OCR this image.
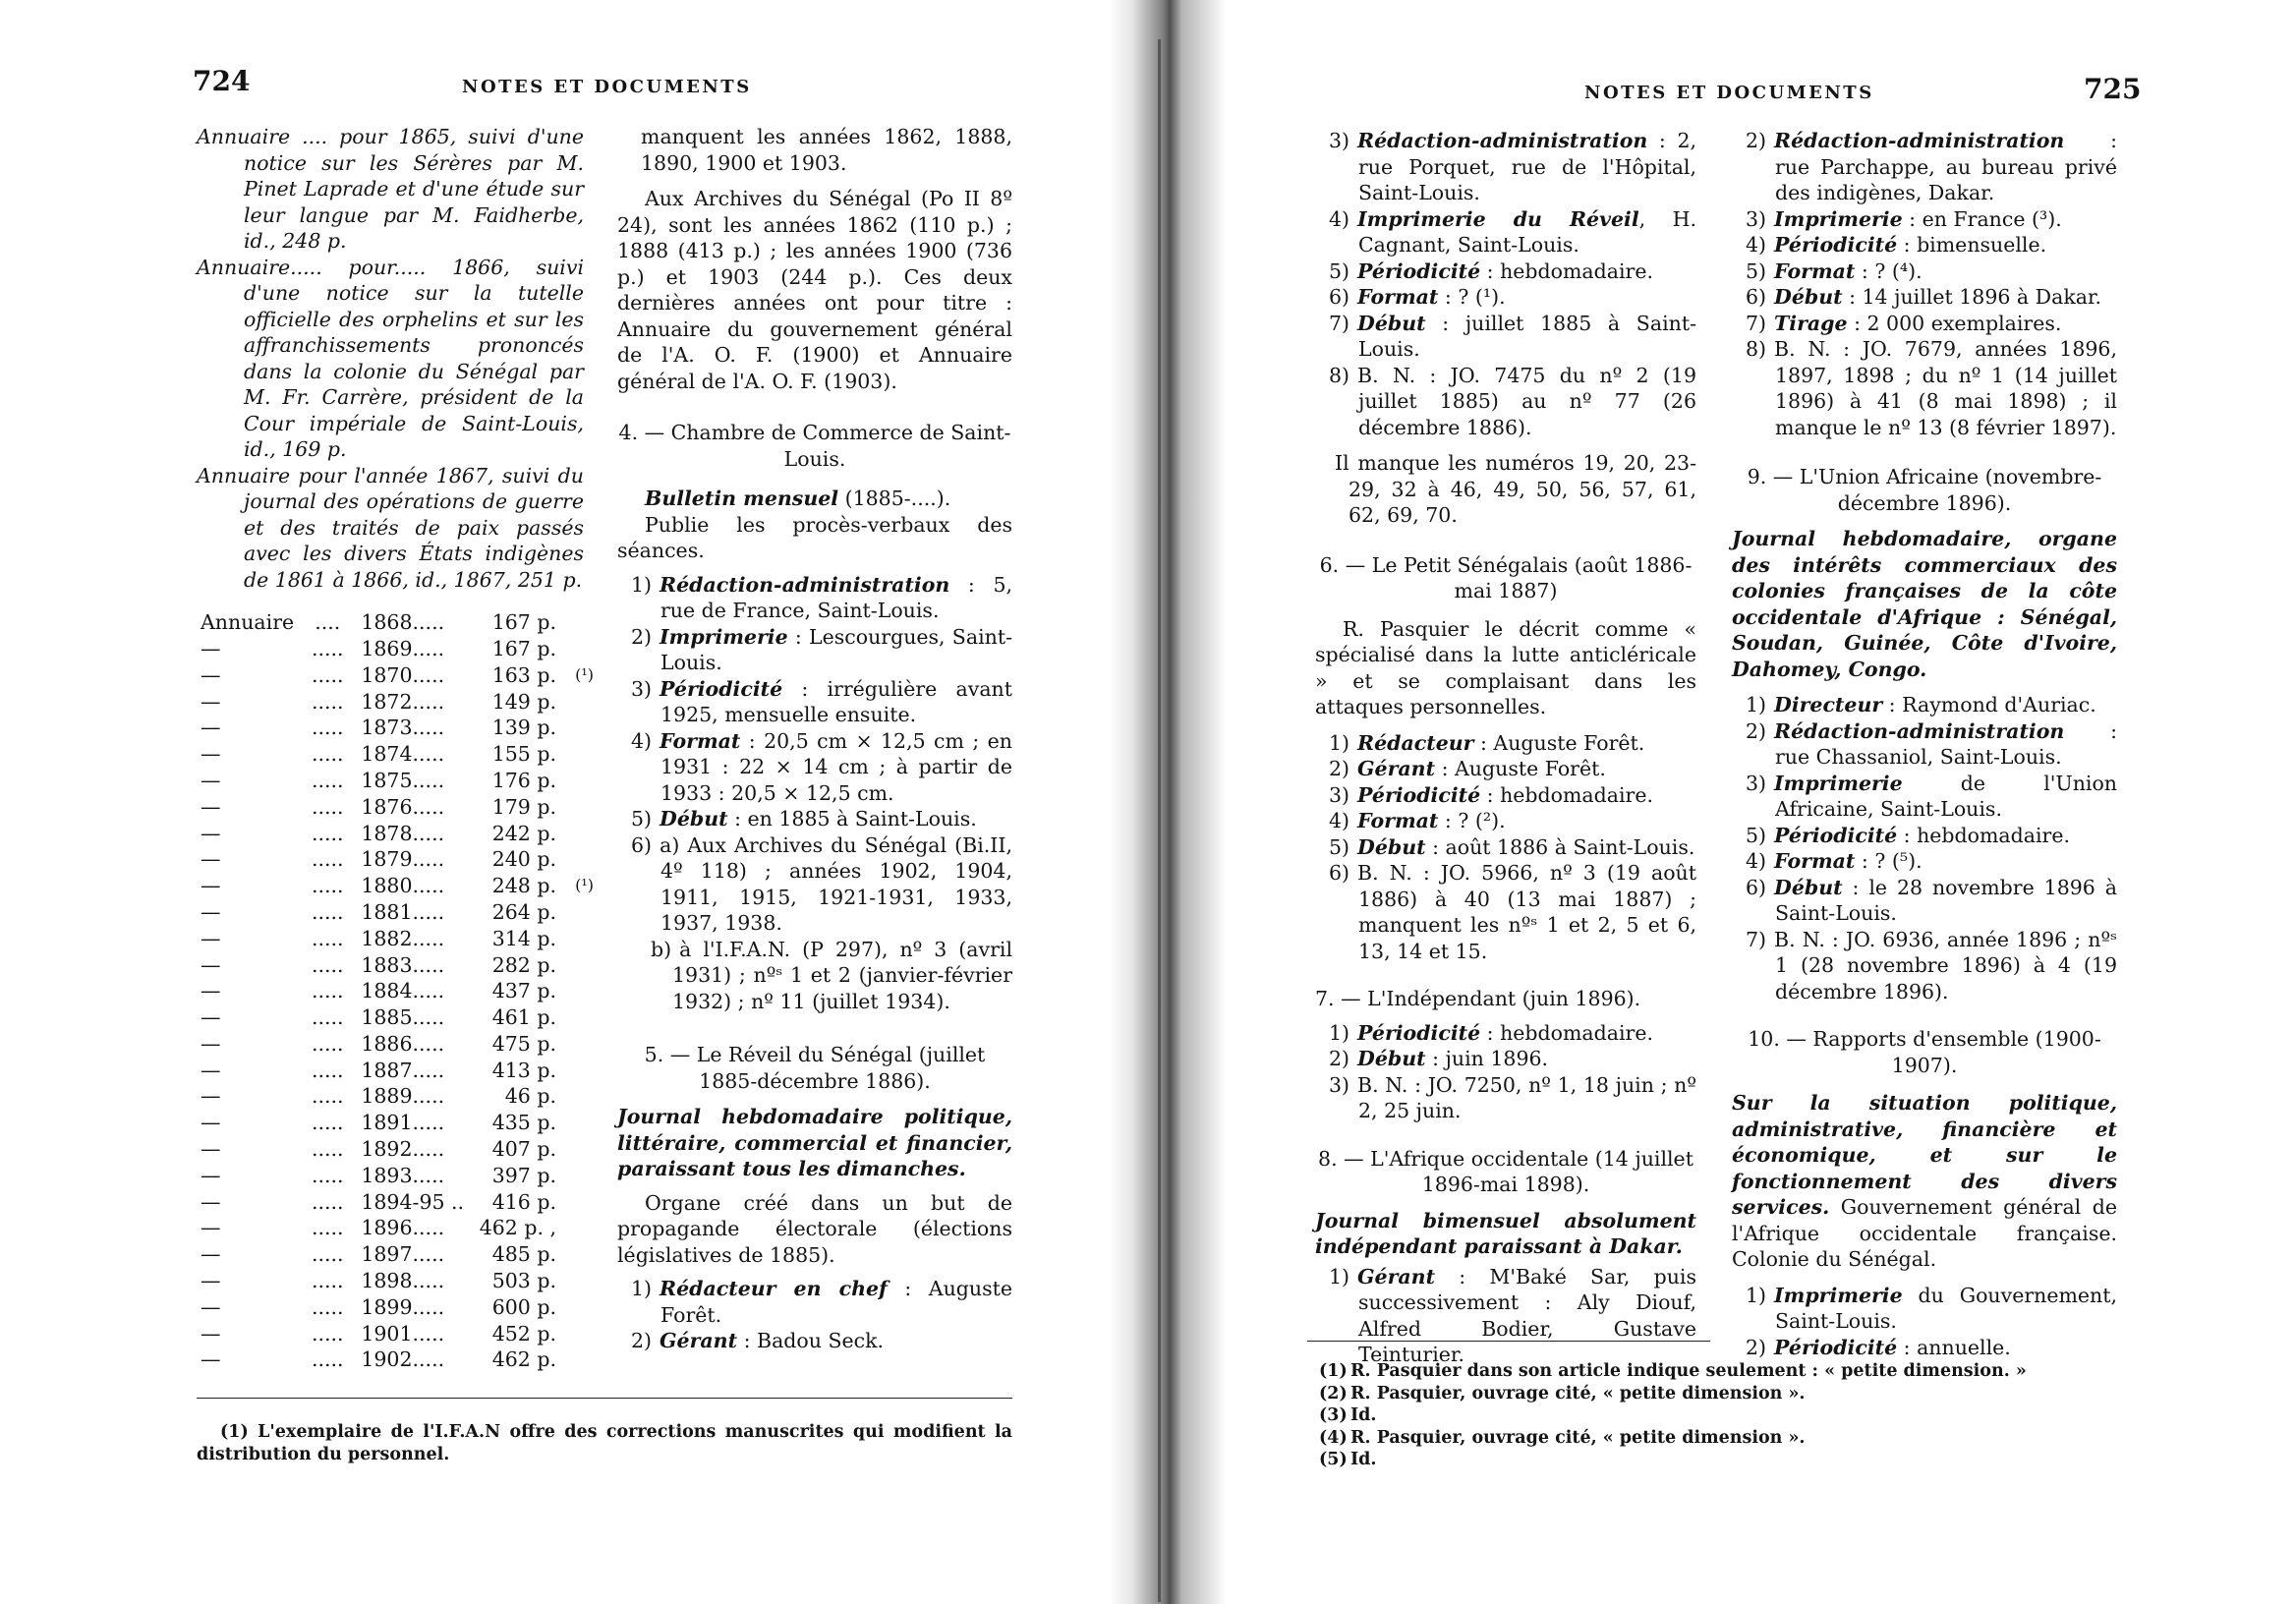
724	NOTES ET DOCUMENTS

Annuaire .... pour 1865, suivi d'une notice sur les Sérères par M. Pinet Laprade et d'une étude sur leur langue par M. Faidherbe, id., 248 p.

Annuaire..... pour..... 1866, suivi d'une notice sur la tutelle officielle des orphelins et sur les affranchissements prononcés dans la colonie du Sénégal par M. Fr. Carrère, président de la Cour impériale de Saint-Louis, id., 169 p.

Annuaire pour l'année 1867, suivi du journal des opérations de guerre et des traités de paix passés avec les divers États indigènes de 1861 à 1866, id., 1867, 251 p.

Annuaire	....	1868.....	167 p.	
—	.....	1869.....	167 p.	
—	.....	1870.....	163 p.	(¹)
—	.....	1872.....	149 p.	
—	.....	1873.....	139 p.	
—	.....	1874.....	155 p.	
—	.....	1875.....	176 p.	
—	.....	1876.....	179 p.	
—	.....	1878.....	242 p.	
—	.....	1879.....	240 p.	
—	.....	1880.....	248 p.	(¹)
—	.....	1881.....	264 p.	
—	.....	1882.....	314 p.	
—	.....	1883.....	282 p.	
—	.....	1884.....	437 p.	
—	.....	1885.....	461 p.	
—	.....	1886.....	475 p.	
—	.....	1887.....	413 p.	
—	.....	1889.....	46 p.	
—	.....	1891.....	435 p.	
—	.....	1892.....	407 p.	
—	.....	1893.....	397 p.	
—	.....	1894-95 ..	416 p.	
—	.....	1896.....	462 p. ,	
—	.....	1897.....	485 p.	
—	.....	1898.....	503 p.	
—	.....	1899.....	600 p.	
—	.....	1901.....	452 p.	
—	.....	1902.....	462 p.	

manquent les années 1862, 1888, 1890, 1900 et 1903.

Aux Archives du Sénégal (Po II 8º 24), sont les années 1862 (110 p.) ; 1888 (413 p.) ; les années 1900 (736 p.) et 1903 (244 p.). Ces deux dernières années ont pour titre : Annuaire du gouvernement général de l'A. O. F. (1900) et Annuaire général de l'A. O. F. (1903).

4. — Chambre de Commerce de Saint-Louis.

Bulletin mensuel (1885-....).

Publie les procès-verbaux des séances.

1) Rédaction-administration : 5, rue de France, Saint-Louis.

2) Imprimerie : Lescourgues, Saint-Louis.

3) Périodicité : irrégulière avant 1925, mensuelle ensuite.

4) Format : 20,5 cm × 12,5 cm ; en 1931 : 22 × 14 cm ; à partir de 1933 : 20,5 × 12,5 cm.

5) Début : en 1885 à Saint-Louis.

6) a) Aux Archives du Sénégal (Bi.II, 4º 118) ; années 1902, 1904, 1911, 1915, 1921-1931, 1933, 1937, 1938.

b) à l'I.F.A.N. (P 297), nº 3 (avril 1931) ; nºˢ 1 et 2 (janvier-février 1932) ; nº 11 (juillet 1934).

5. — Le Réveil du Sénégal (juillet 1885-décembre 1886).

Journal hebdomadaire politique, littéraire, commercial et financier, paraissant tous les dimanches.

Organe créé dans un but de propagande électorale (élections législatives de 1885).

1) Rédacteur en chef : Auguste Forêt.

2) Gérant : Badou Seck.

(1) L'exemplaire de l'I.F.A.N offre des corrections manuscrites qui modifient la distribution du personnel.
725
NOTES ET DOCUMENTS

3) Rédaction-administration : 2, rue Porquet, rue de l'Hôpital, Saint-Louis.

4) Imprimerie du Réveil, H. Cagnant, Saint-Louis.

5) Périodicité : hebdomadaire.

6) Format : ? (¹).

7) Début : juillet 1885 à Saint-Louis.

8) B. N. : JO. 7475 du nº 2 (19 juillet 1885) au nº 77 (26 décembre 1886).

Il manque les numéros 19, 20, 23-29, 32 à 46, 49, 50, 56, 57, 61, 62, 69, 70.

6. — Le Petit Sénégalais (août 1886-mai 1887)

R. Pasquier le décrit comme « spécialisé dans la lutte anticléricale » et se complaisant dans les attaques personnelles.

1) Rédacteur : Auguste Forêt.

2) Gérant : Auguste Forêt.

3) Périodicité : hebdomadaire.

4) Format : ? (²).

5) Début : août 1886 à Saint-Louis.

6) B. N. : JO. 5966, nº 3 (19 août 1886) à 40 (13 mai 1887) ; manquent les nºˢ 1 et 2, 5 et 6, 13, 14 et 15.

7. — L'Indépendant (juin 1896).

1) Périodicité : hebdomadaire.

2) Début : juin 1896.

3) B. N. : JO. 7250, nº 1, 18 juin ; nº 2, 25 juin.

8. — L'Afrique occidentale (14 juillet 1896-mai 1898).

Journal bimensuel absolument indépendant paraissant à Dakar.

1) Gérant : M'Baké Sar, puis successivement : Aly Diouf, Alfred Bodier, Gustave Teinturier.

2) Rédaction-administration : rue Parchappe, au bureau privé des indigènes, Dakar.

3) Imprimerie : en France (³).

4) Périodicité : bimensuelle.

5) Format : ? (⁴).

6) Début : 14 juillet 1896 à Dakar.

7) Tirage : 2 000 exemplaires.

8) B. N. : JO. 7679, années 1896, 1897, 1898 ; du nº 1 (14 juillet 1896) à 41 (8 mai 1898) ; il manque le nº 13 (8 février 1897).

9. — L'Union Africaine (novembre-décembre 1896).

Journal hebdomadaire, organe des intérêts commerciaux des colonies françaises de la côte occidentale d'Afrique : Sénégal, Soudan, Guinée, Côte d'Ivoire, Dahomey, Congo.

1) Directeur : Raymond d'Auriac.

2) Rédaction-administration : rue Chassaniol, Saint-Louis.

3) Imprimerie de l'Union Africaine, Saint-Louis.

5) Périodicité : hebdomadaire.

4) Format : ? (⁵).

6) Début : le 28 novembre 1896 à Saint-Louis.

7) B. N. : JO. 6936, année 1896 ; nºˢ 1 (28 novembre 1896) à 4 (19 décembre 1896).

10. — Rapports d'ensemble (1900-1907).

Sur la situation politique, administrative, financière et économique, et sur le fonctionnement des divers services. Gouvernement général de l'Afrique occidentale française. Colonie du Sénégal.

1) Imprimerie du Gouvernement, Saint-Louis.

2) Périodicité : annuelle.

(1) R. Pasquier dans son article indique seulement : « petite dimension. »

(2) R. Pasquier, ouvrage cité, « petite dimension ».

(3) Id.

(4) R. Pasquier, ouvrage cité, « petite dimension ».

(5) Id.
